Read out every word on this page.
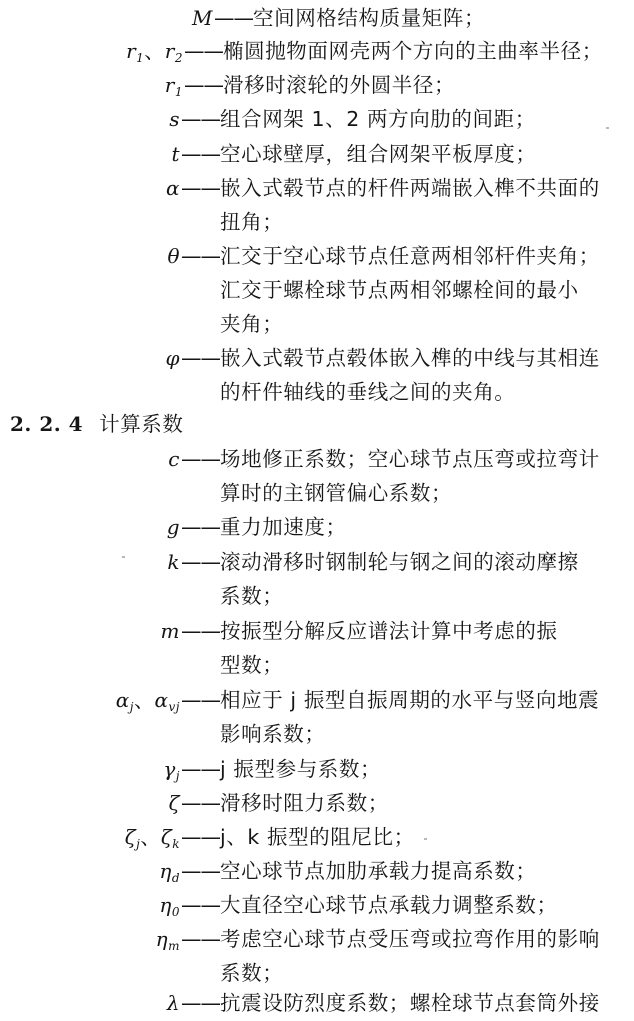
M ——空间网格结构质量矩阵；
$r_1$、$r_2$ ——椭圆抛物面网壳两个方向的主曲率半径；
$r_1$ ——滑移时滚轮的外圆半径；
s ——组合网架 1、2 两方向肋的间距；
t ——空心球壁厚，组合网架平板厚度；
α ——嵌入式毂节点的杆件两端嵌入榫不共面的
扭角；
θ ——汇交于空心球节点任意两相邻杆件夹角；
汇交于螺栓球节点两相邻螺栓间的最小
夹角；
φ ——嵌入式毂节点毂体嵌入榫的中线与其相连
的杆件轴线的垂线之间的夹角。
2. 2. 4 计算系数
c ——场地修正系数；空心球节点压弯或拉弯计
算时的主钢管偏心系数；
g ——重力加速度；
k ——滚动滑移时钢制轮与钢之间的滚动摩擦
系数；
m ——按振型分解反应谱法计算中考虑的振
型数；
$\alpha_j$、$\alpha_{vj}$ ——相应于 j 振型自振周期的水平与竖向地震
影响系数；
$\gamma_j$ ——j 振型参与系数；
ζ ——滑移时阻力系数；
$\zeta_j$、$\zeta_k$ ——j、k 振型的阻尼比；
$\eta_d$ ——空心球节点加肋承载力提高系数；
$\eta_0$ ——大直径空心球节点承载力调整系数；
$\eta_m$ ——考虑空心球节点受压弯或拉弯作用的影响
系数；
λ ——抗震设防烈度系数；螺栓球节点套筒外接
